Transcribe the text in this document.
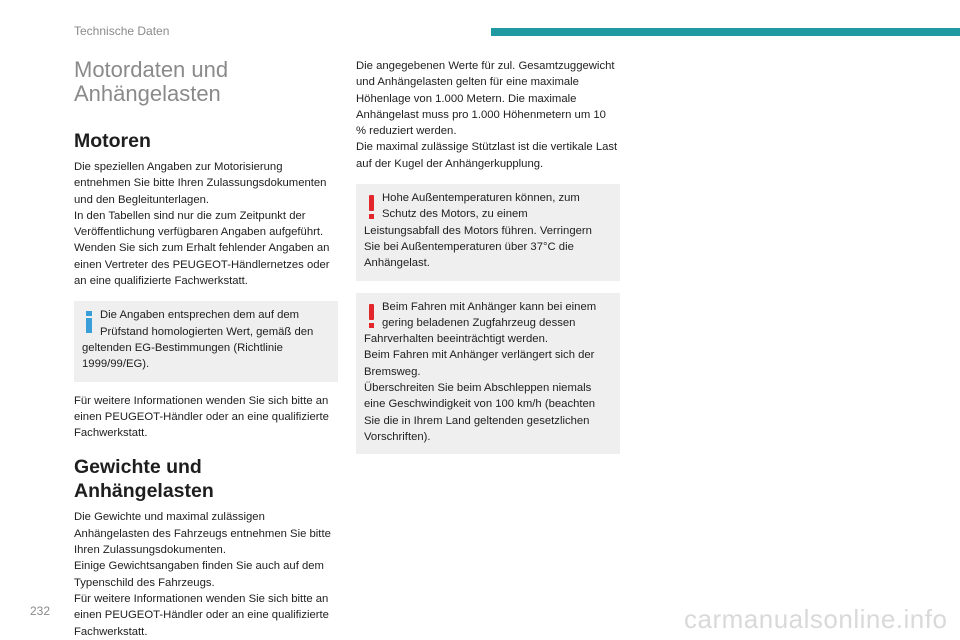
Technische Daten
Motordaten und
Anhängelasten
Motoren

Die speziellen Angaben zur Motorisierung
entnehmen Sie bitte Ihren Zulassungsdokumenten
und den Begleitunterlagen.
In den Tabellen sind nur die zum Zeitpunkt der
Veröffentlichung verfügbaren Angaben aufgeführt.
Wenden Sie sich zum Erhalt fehlender Angaben an
einen Vertreter des PEUGEOT-Händlernetzes oder
an eine qualifizierte Fachwerkstatt.

Die Angaben entsprechen dem auf dem
Prüfstand homologierten Wert, gemäß den

geltenden EG-Bestimmungen (Richtlinie
1999/99/EG).

Für weitere Informationen wenden Sie sich bitte an
einen PEUGEOT-Händler oder an eine qualifizierte
Fachwerkstatt.

Gewichte und Anhängelasten

Die Gewichte und maximal zulässigen
Anhängelasten des Fahrzeugs entnehmen Sie bitte
Ihren Zulassungsdokumenten.
Einige Gewichtsangaben finden Sie auch auf dem
Typenschild des Fahrzeugs.
Für weitere Informationen wenden Sie sich bitte an
einen PEUGEOT-Händler oder an eine qualifizierte
Fachwerkstatt.

Die angegebenen Werte für zul. Gesamtzuggewicht
und Anhängelasten gelten für eine maximale
Höhenlage von 1.000 Metern. Die maximale
Anhängelast muss pro 1.000 Höhenmetern um 10
% reduziert werden.
Die maximal zulässige Stützlast ist die vertikale Last
auf der Kugel der Anhängerkupplung.

Hohe Außentemperaturen können, zum
Schutz des Motors, zu einem

Leistungsabfall des Motors führen. Verringern
Sie bei Außentemperaturen über 37°C die
Anhängelast.

Beim Fahren mit Anhänger kann bei einem
gering beladenen Zugfahrzeug dessen

Fahrverhalten beeinträchtigt werden.
Beim Fahren mit Anhänger verlängert sich der
Bremsweg.
Überschreiten Sie beim Abschleppen niemals
eine Geschwindigkeit von 100 km/h (beachten
Sie die in Ihrem Land geltenden gesetzlichen
Vorschriften).

232	carmanualsonline.info
